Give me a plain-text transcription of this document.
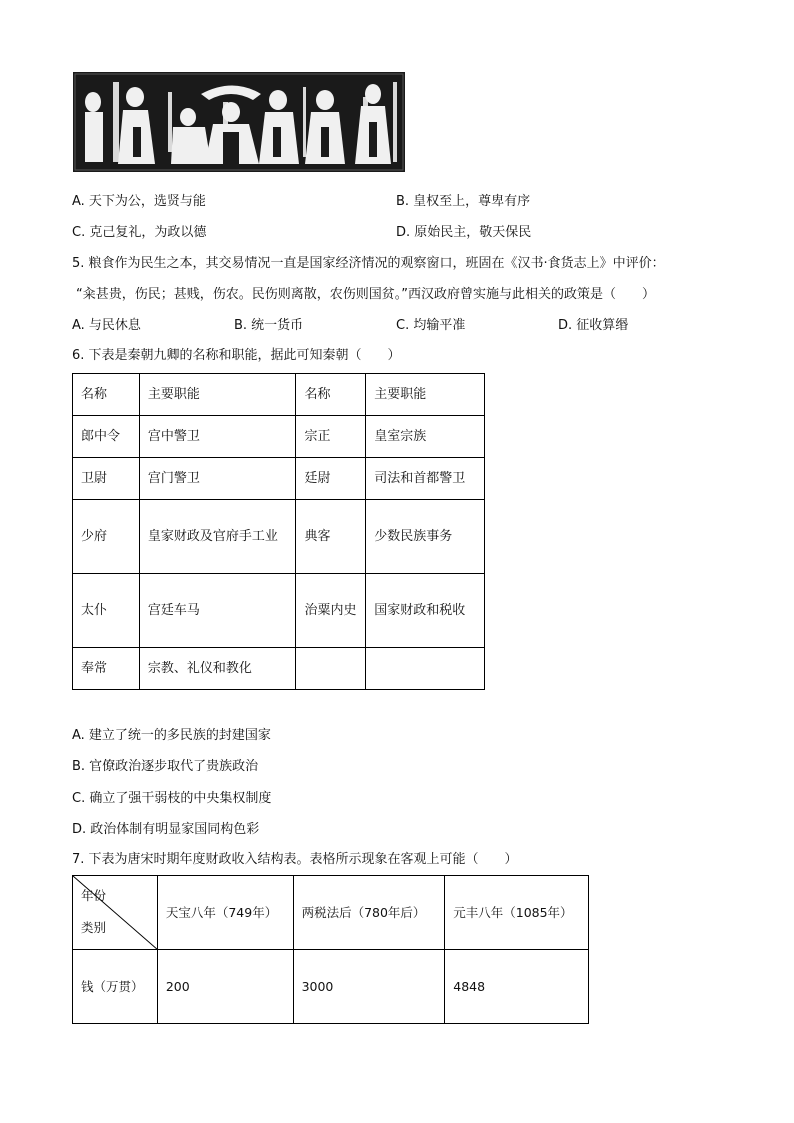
A. 天下为公，选贤与能	B. 皇权至上，尊卑有序
C. 克己复礼，为政以德	D. 原始民主，敬天保民
5. 粮食作为民生之本，其交易情况一直是国家经济情况的观察窗口，班固在《汉书·食货志上》中评价：
“籴甚贵，伤民；甚贱，伤农。民伤则离散，农伤则国贫。”西汉政府曾实施与此相关的政策是（　　）
A. 与民休息	B. 统一货币	C. 均输平准	D. 征收算缗
6. 下表是秦朝九卿的名称和职能，据此可知秦朝（　　）
名称	主要职能	名称	主要职能
郎中令	宫中警卫	宗正	皇室宗族
卫尉	宫门警卫	廷尉	司法和首都警卫
少府	皇家财政及官府手工业	典客	少数民族事务
太仆	宫廷车马	治粟内史	国家财政和税收
奉常	宗教、礼仪和教化		
A. 建立了统一的多民族的封建国家
B. 官僚政治逐步取代了贵族政治
C. 确立了强干弱枝的中央集权制度
D. 政治体制有明显家国同构色彩
7. 下表为唐宋时期年度财政收入结构表。表格所示现象在客观上可能（　　）
年份
类别	天宝八年（749年）	两税法后（780年后）	元丰八年（1085年）
钱（万贯）	200	3000	4848
